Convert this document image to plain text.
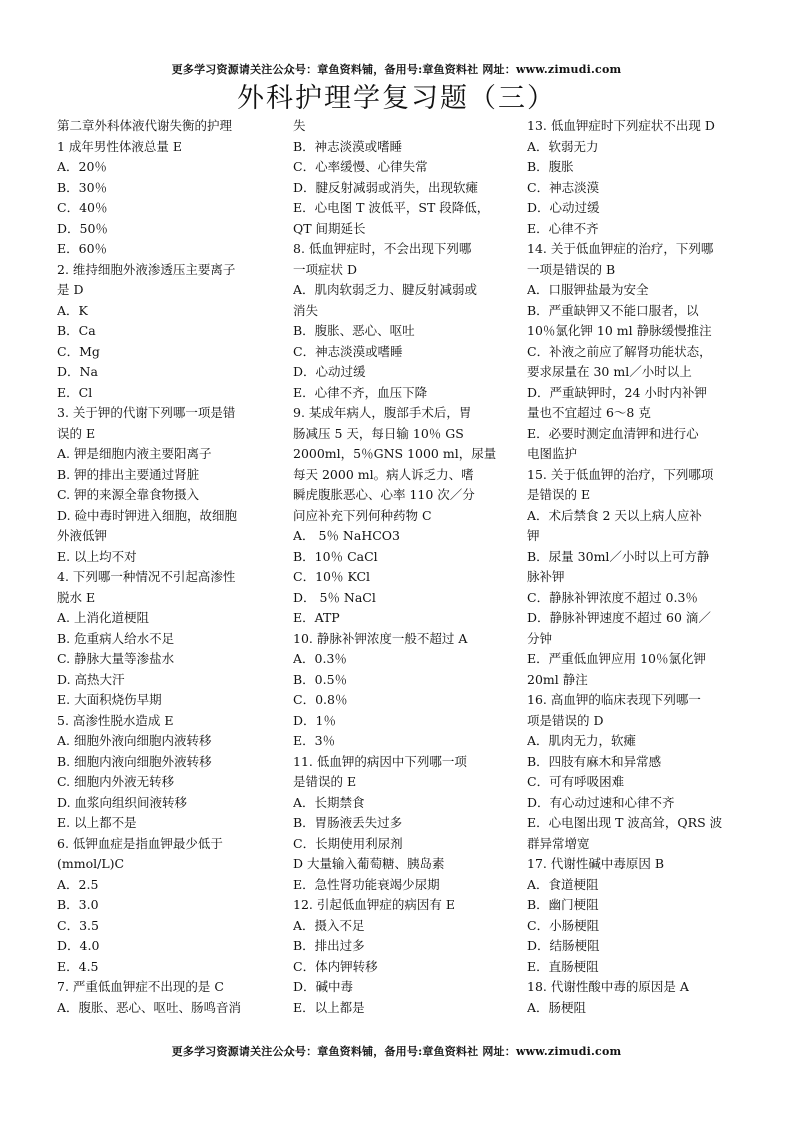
更多学习资源请关注公众号：章鱼资料铺，备用号:章鱼资料社 网址：www.zimudi.com
外科护理学复习题（三）
第二章外科体液代谢失衡的护理
1 成年男性体液总量 E
A．20％
B．30％
C．40％
D．50％
E．60％
2. 维持细胞外液渗透压主要离子
是 D
A．K
B．Ca
C．Mg
D．Na
E．Cl
3. 关于钾的代谢下列哪一项是错
误的 E
A. 钾是细胞内液主要阳离子
B. 钾的排出主要通过肾脏
C. 钾的来源全靠食物摄入
D. 硷中毒时钾进入细胞，故细胞
外液低钾
E. 以上均不对
4. 下列哪一种情况不引起高渗性
脱水 E
A. 上消化道梗阻
B. 危重病人给水不足
C. 静脉大量等渗盐水
D. 高热大汗
E. 大面积烧伤早期
5. 高渗性脱水造成 E
A. 细胞外液向细胞内液转移
B. 细胞内液向细胞外液转移
C. 细胞内外液无转移
D. 血浆向组织间液转移
E. 以上都不是
6. 低钾血症是指血钾最少低于
(mmol/L)C
A．2.5
B．3.0
C．3.5
D．4.0
E．4.5
7. 严重低血钾症不出现的是 C
A．腹胀、恶心、呕吐、肠鸣音消
失
B．神志淡漠或嗜睡
C．心率缓慢、心律失常
D．腱反射减弱或消失，出现软瘫
E．心电图 T 波低平，ST 段降低，
QT 间期延长
8. 低血钾症时，不会出现下列哪
一项症状 D
A．肌肉软弱乏力、腱反射减弱或
消失
B．腹胀、恶心、呕吐
C．神志淡漠或嗜睡
D．心动过缓
E．心律不齐，血压下降
9. 某成年病人，腹部手术后，胃
肠减压 5 天，每日输 10％ GS
2000ml，5％GNS 1000 ml，尿量
每天 2000 ml。病人诉乏力、嗜
瞬虎腹胀恶心、心率 110 次／分
问应补充下列何种药物 C
A． 5％ NaHCO3
B．10％ CaCl
C．10％ KCl
D． 5％ NaCl
E．ATP
10. 静脉补钾浓度一般不超过 A
A．0.3％
B．0.5％
C．0.8％
D．1％
E．3％
11. 低血钾的病因中下列哪一项
是错误的 E
A．长期禁食
B．胃肠液丢失过多
C．长期使用利尿剂
D 大量输入葡萄糖、胰岛素
E．急性肾功能衰竭少尿期
12. 引起低血钾症的病因有 E
A．摄入不足
B．排出过多
C．体内钾转移
D．碱中毒
E．以上都是
13. 低血钾症时下列症状不出现 D
A．软弱无力
B．腹胀
C．神志淡漠
D．心动过缓
E．心律不齐
14. 关于低血钾症的治疗，下列哪
一项是错误的 B
A．口服钾盐最为安全
B．严重缺钾又不能口服者，以
10％氯化钾 10 ml 静脉缓慢推注
C．补液之前应了解肾功能状态，
要求尿量在 30 ml／小时以上
D．严重缺钾时，24 小时内补钾
量也不宜超过 6～8 克
E．必要时测定血清钾和进行心
电图监护
15. 关于低血钾的治疗，下列哪项
是错误的 E
A．术后禁食 2 天以上病人应补
钾
B．尿量 30ml／小时以上可方静
脉补钾
C．静脉补钾浓度不超过 0.3％
D．静脉补钾速度不超过 60 滴／
分钟
E．严重低血钾应用 10％氯化钾
20ml 静注
16. 高血钾的临床表现下列哪一
项是错误的 D
A．肌肉无力，软瘫
B．四肢有麻木和异常感
C．可有呼吸困难
D．有心动过速和心律不齐
E．心电图出现 T 波高耸，QRS 波
群异常增宽
17. 代谢性碱中毒原因 B
A．食道梗阻
B．幽门梗阻
C．小肠梗阻
D．结肠梗阻
E．直肠梗阻
18. 代谢性酸中毒的原因是 A
A．肠梗阻
更多学习资源请关注公众号：章鱼资料铺，备用号:章鱼资料社 网址：www.zimudi.com
